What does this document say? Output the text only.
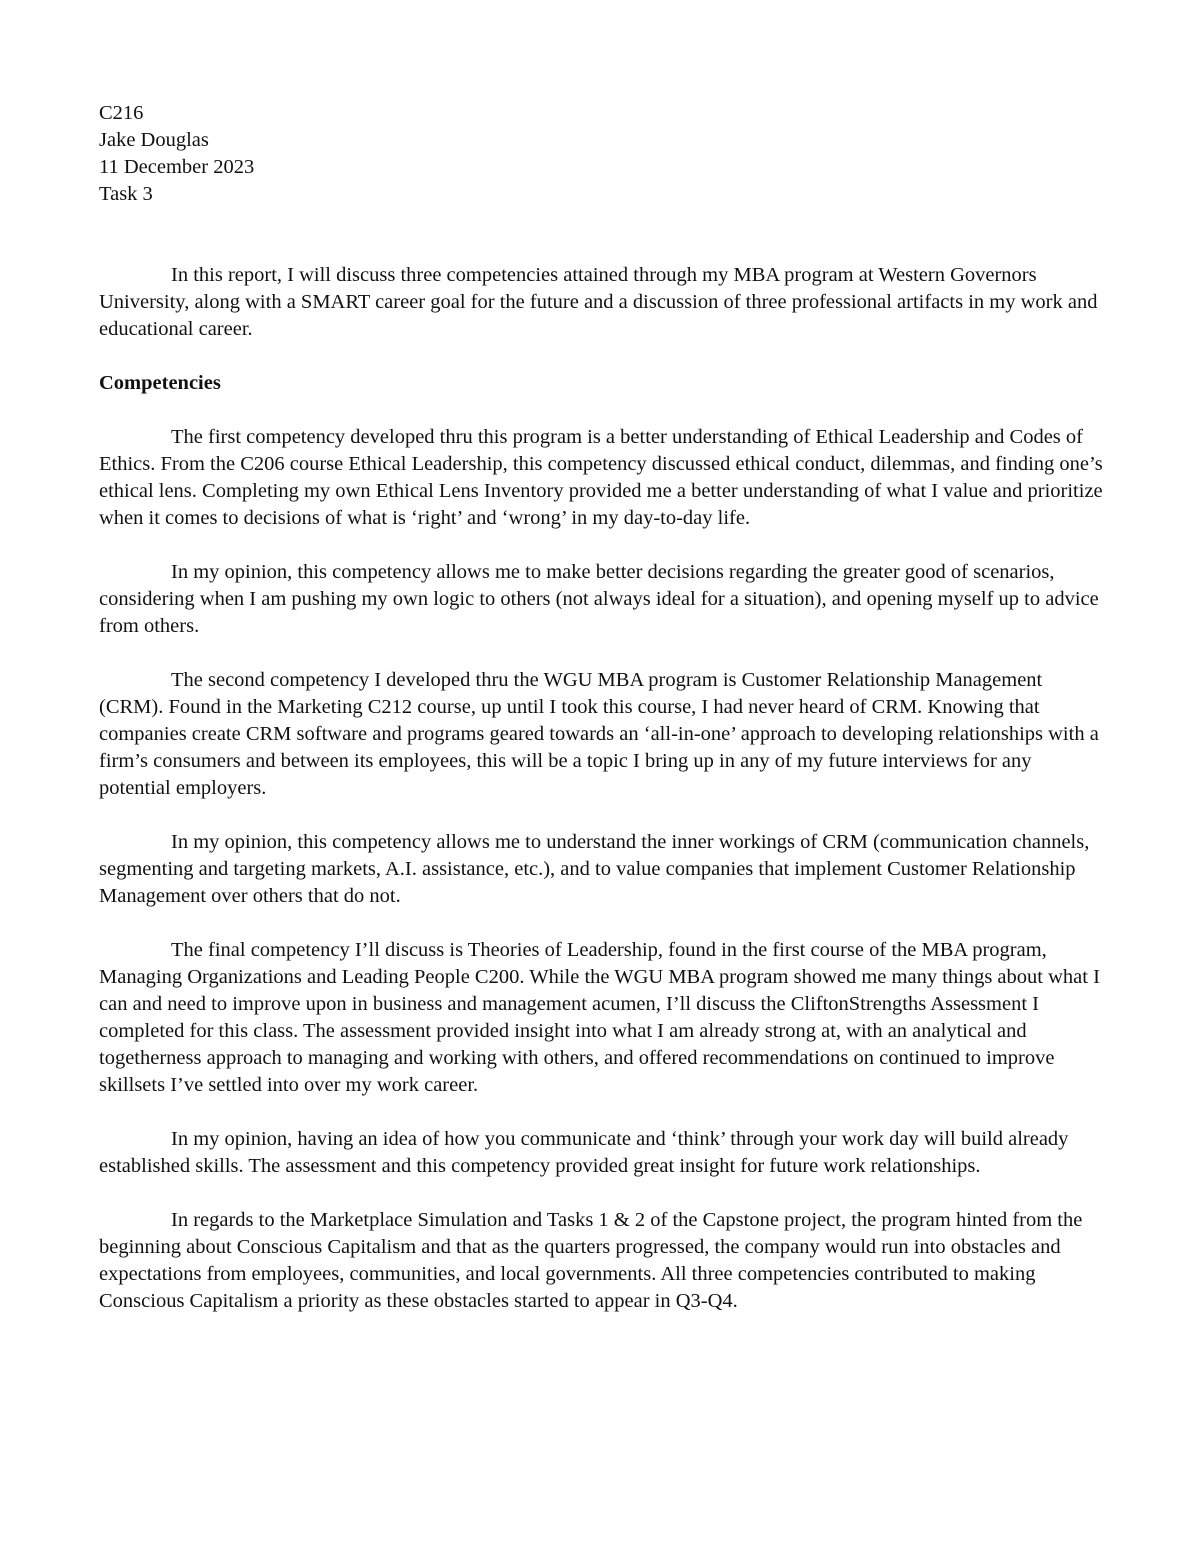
C216

Jake Douglas

11 December 2023

Task 3

In this report, I will discuss three competencies attained through my MBA program at Western Governors University, along with a SMART career goal for the future and a discussion of three professional artifacts in my work and educational career.

Competencies

The first competency developed thru this program is a better understanding of Ethical Leadership and Codes of Ethics. From the C206 course Ethical Leadership, this competency discussed ethical conduct, dilemmas, and finding one’s ethical lens. Completing my own Ethical Lens Inventory provided me a better understanding of what I value and prioritize when it comes to decisions of what is ‘right’ and ‘wrong’ in my day-to-day life.

In my opinion, this competency allows me to make better decisions regarding the greater good of scenarios, considering when I am pushing my own logic to others (not always ideal for a situation), and opening myself up to advice from others.

The second competency I developed thru the WGU MBA program is Customer Relationship Management (CRM). Found in the Marketing C212 course, up until I took this course, I had never heard of CRM. Knowing that companies create CRM software and programs geared towards an ‘all-in-one’ approach to developing relationships with a firm’s consumers and between its employees, this will be a topic I bring up in any of my future interviews for any potential employers.

In my opinion, this competency allows me to understand the inner workings of CRM (communication channels, segmenting and targeting markets, A.I. assistance, etc.), and to value companies that implement Customer Relationship Management over others that do not.

The final competency I’ll discuss is Theories of Leadership, found in the first course of the MBA program, Managing Organizations and Leading People C200. While the WGU MBA program showed me many things about what I can and need to improve upon in business and management acumen, I’ll discuss the CliftonStrengths Assessment I completed for this class. The assessment provided insight into what I am already strong at, with an analytical and togetherness approach to managing and working with others, and offered recommendations on continued to improve skillsets I’ve settled into over my work career.

In my opinion, having an idea of how you communicate and ‘think’ through your work day will build already established skills. The assessment and this competency provided great insight for future work relationships.

In regards to the Marketplace Simulation and Tasks 1 & 2 of the Capstone project, the program hinted from the beginning about Conscious Capitalism and that as the quarters progressed, the company would run into obstacles and expectations from employees, communities, and local governments. All three competencies contributed to making Conscious Capitalism a priority as these obstacles started to appear in Q3-Q4.
